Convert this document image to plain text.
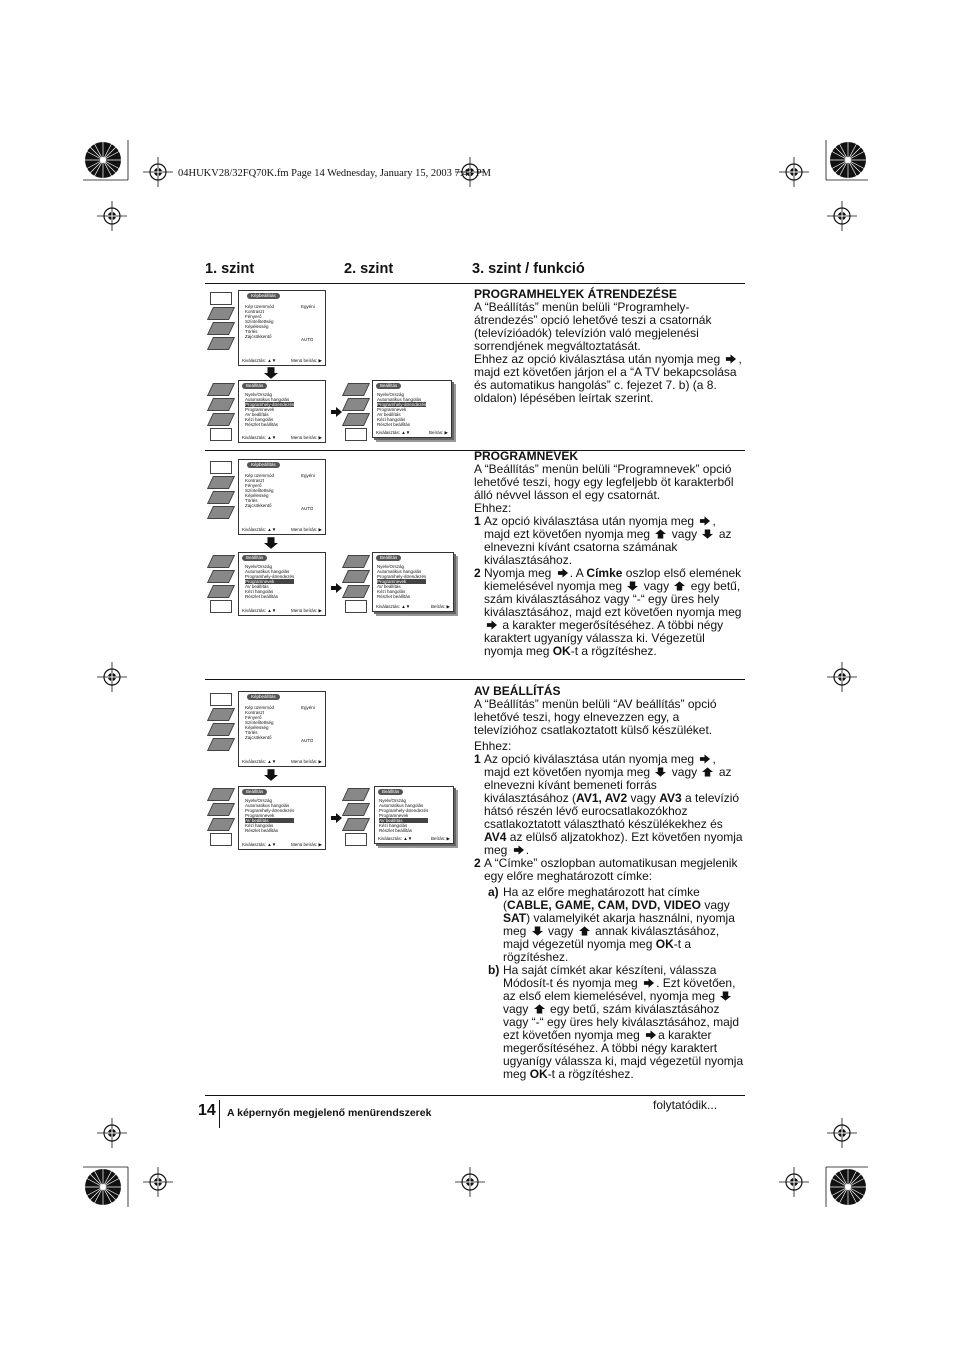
04HUKV28/32FQ70K.fm Page 14 Wednesday, January 15, 2003 7:43 PM
1. szint	2. szint	3. szint / funkció
Képbeállítás
Kép üzemmód
Kontraszt
Fényerő
Színtelítettség
Képélesség
Törlés
Zajcsökkentő
Egyéni
AUTO
Kiválasztás: ▲▼	Menü beírás: ▶
Beállítás
Nyelv/Ország
Automatikus hangolás
Programhely-átrendezés
Programnevek
AV beállítás
Kézi hangolás
Részlet beállítás
Kiválasztás: ▲▼	Menü beírás: ▶
Beállítás
Nyelv/Ország
Automatikus hangolás
Programhely-átrendezés
Programnevek
AV beállítás
Kézi hangolás
Részlet beállítás
Kiválasztás: ▲▼	Beírás: ▶
Képbeállítás
Kép üzemmód
Kontraszt
Fényerő
Színtelítettség
Képélesség
Törlés
Zajcsökkentő
Egyéni
AUTO
Kiválasztás: ▲▼	Menü beírás: ▶
Beállítás
Nyelv/Ország
Automatikus hangolás
Programhely-átrendezés
Programnevek
AV beállítás
Kézi hangolás
Részlet beállítás
Kiválasztás: ▲▼	Menü beírás: ▶
Beállítás
Nyelv/Ország
Automatikus hangolás
Programhely-átrendezés
Programnevek
AV beállítás
Kézi hangolás
Részlet beállítás
Kiválasztás: ▲▼	Beírás: ▶
Képbeállítás
Kép üzemmód
Kontraszt
Fényerő
Színtelítettség
Képélesség
Törlés
Zajcsökkentő
Egyéni
AUTO
Kiválasztás: ▲▼	Menü beírás: ▶
Beállítás
Nyelv/Ország
Automatikus hangolás
Programhely-átrendezés
Programnevek
AV beállítás
Kézi hangolás
Részlet beállítás
Kiválasztás: ▲▼	Menü beírás: ▶
Beállítás
Nyelv/Ország
Automatikus hangolás
Programhely-átrendezés
Programnevek
AV beállítás
Kézi hangolás
Részlet beállítás
Kiválasztás: ▲▼	Beírás: ▶
PROGRAMHELYEK ÁTRENDEZÉSE

A “Beállítás” menün belüli “Programhely-átrendezés” opció lehetővé teszi a csatornák (televízióadók) televízión való megjelenési sorrendjének megváltoztatását.

Ehhez az opció kiválasztása után nyomja meg , majd ezt követően járjon el a “A TV bekapcsolása és automatikus hangolás” c. fejezet 7. b) (a 8. oldalon) lépésében leírtak szerint.

PROGRAMNEVEK

A “Beállítás” menün belüli “Programnevek” opció lehetővé teszi, hogy egy legfeljebb öt karakterből álló névvel lásson el egy csatornát.

Ehhez:

1 Az opció kiválasztása után nyomja meg , majd ezt követően nyomja meg vagy az elnevezni kívánt csatorna számának kiválasztásához.
2 Nyomja meg . A Címke oszlop első elemének kiemelésével nyomja meg vagy egy betű, szám kiválasztásához vagy “-“ egy üres hely kiválasztásához, majd ezt követően nyomja meg  a karakter megerősítéséhez. A többi négy karaktert ugyanígy válassza ki. Végezetül nyomja meg OK-t a rögzítéshez.
AV BEÁLLÍTÁS

A “Beállítás” menün belüli “AV beállítás” opció lehetővé teszi, hogy elnevezzen egy, a televízióhoz csatlakoztatott külső készüléket.

Ehhez:

1 Az opció kiválasztása után nyomja meg , majd ezt követően nyomja meg vagy az elnevezni kívánt bemeneti forrás kiválasztásához (AV1, AV2 vagy AV3 a televízió hátsó részén lévő eurocsatlakozókhoz csatlakoztatott választható készülékekhez és AV4 az elülső aljzatokhoz). Ezt követően nyomja meg .
2 A “Címke” oszlopban automatikusan megjelenik egy előre meghatározott címke:
a) Ha az előre meghatározott hat címke (CABLE, GAME, CAM, DVD, VIDEO vagy SAT) valamelyikét akarja használni, nyomja meg vagy annak kiválasztásához, majd végezetül nyomja meg OK-t a rögzítéshez.
b) Ha saját címkét akar készíteni, válassza Módosít-t és nyomja meg . Ezt követően, az első elem kiemelésével, nyomja meg  vagy egy betű, szám kiválasztásához vagy “-“ egy üres hely kiválasztásához, majd ezt követően nyomja meg a karakter megerősítéséhez. A többi négy karaktert ugyanígy válassza ki, majd végezetül nyomja meg OK-t a rögzítéshez.
14 A képernyőn megjelenő menürendszerek
folytatódik...
